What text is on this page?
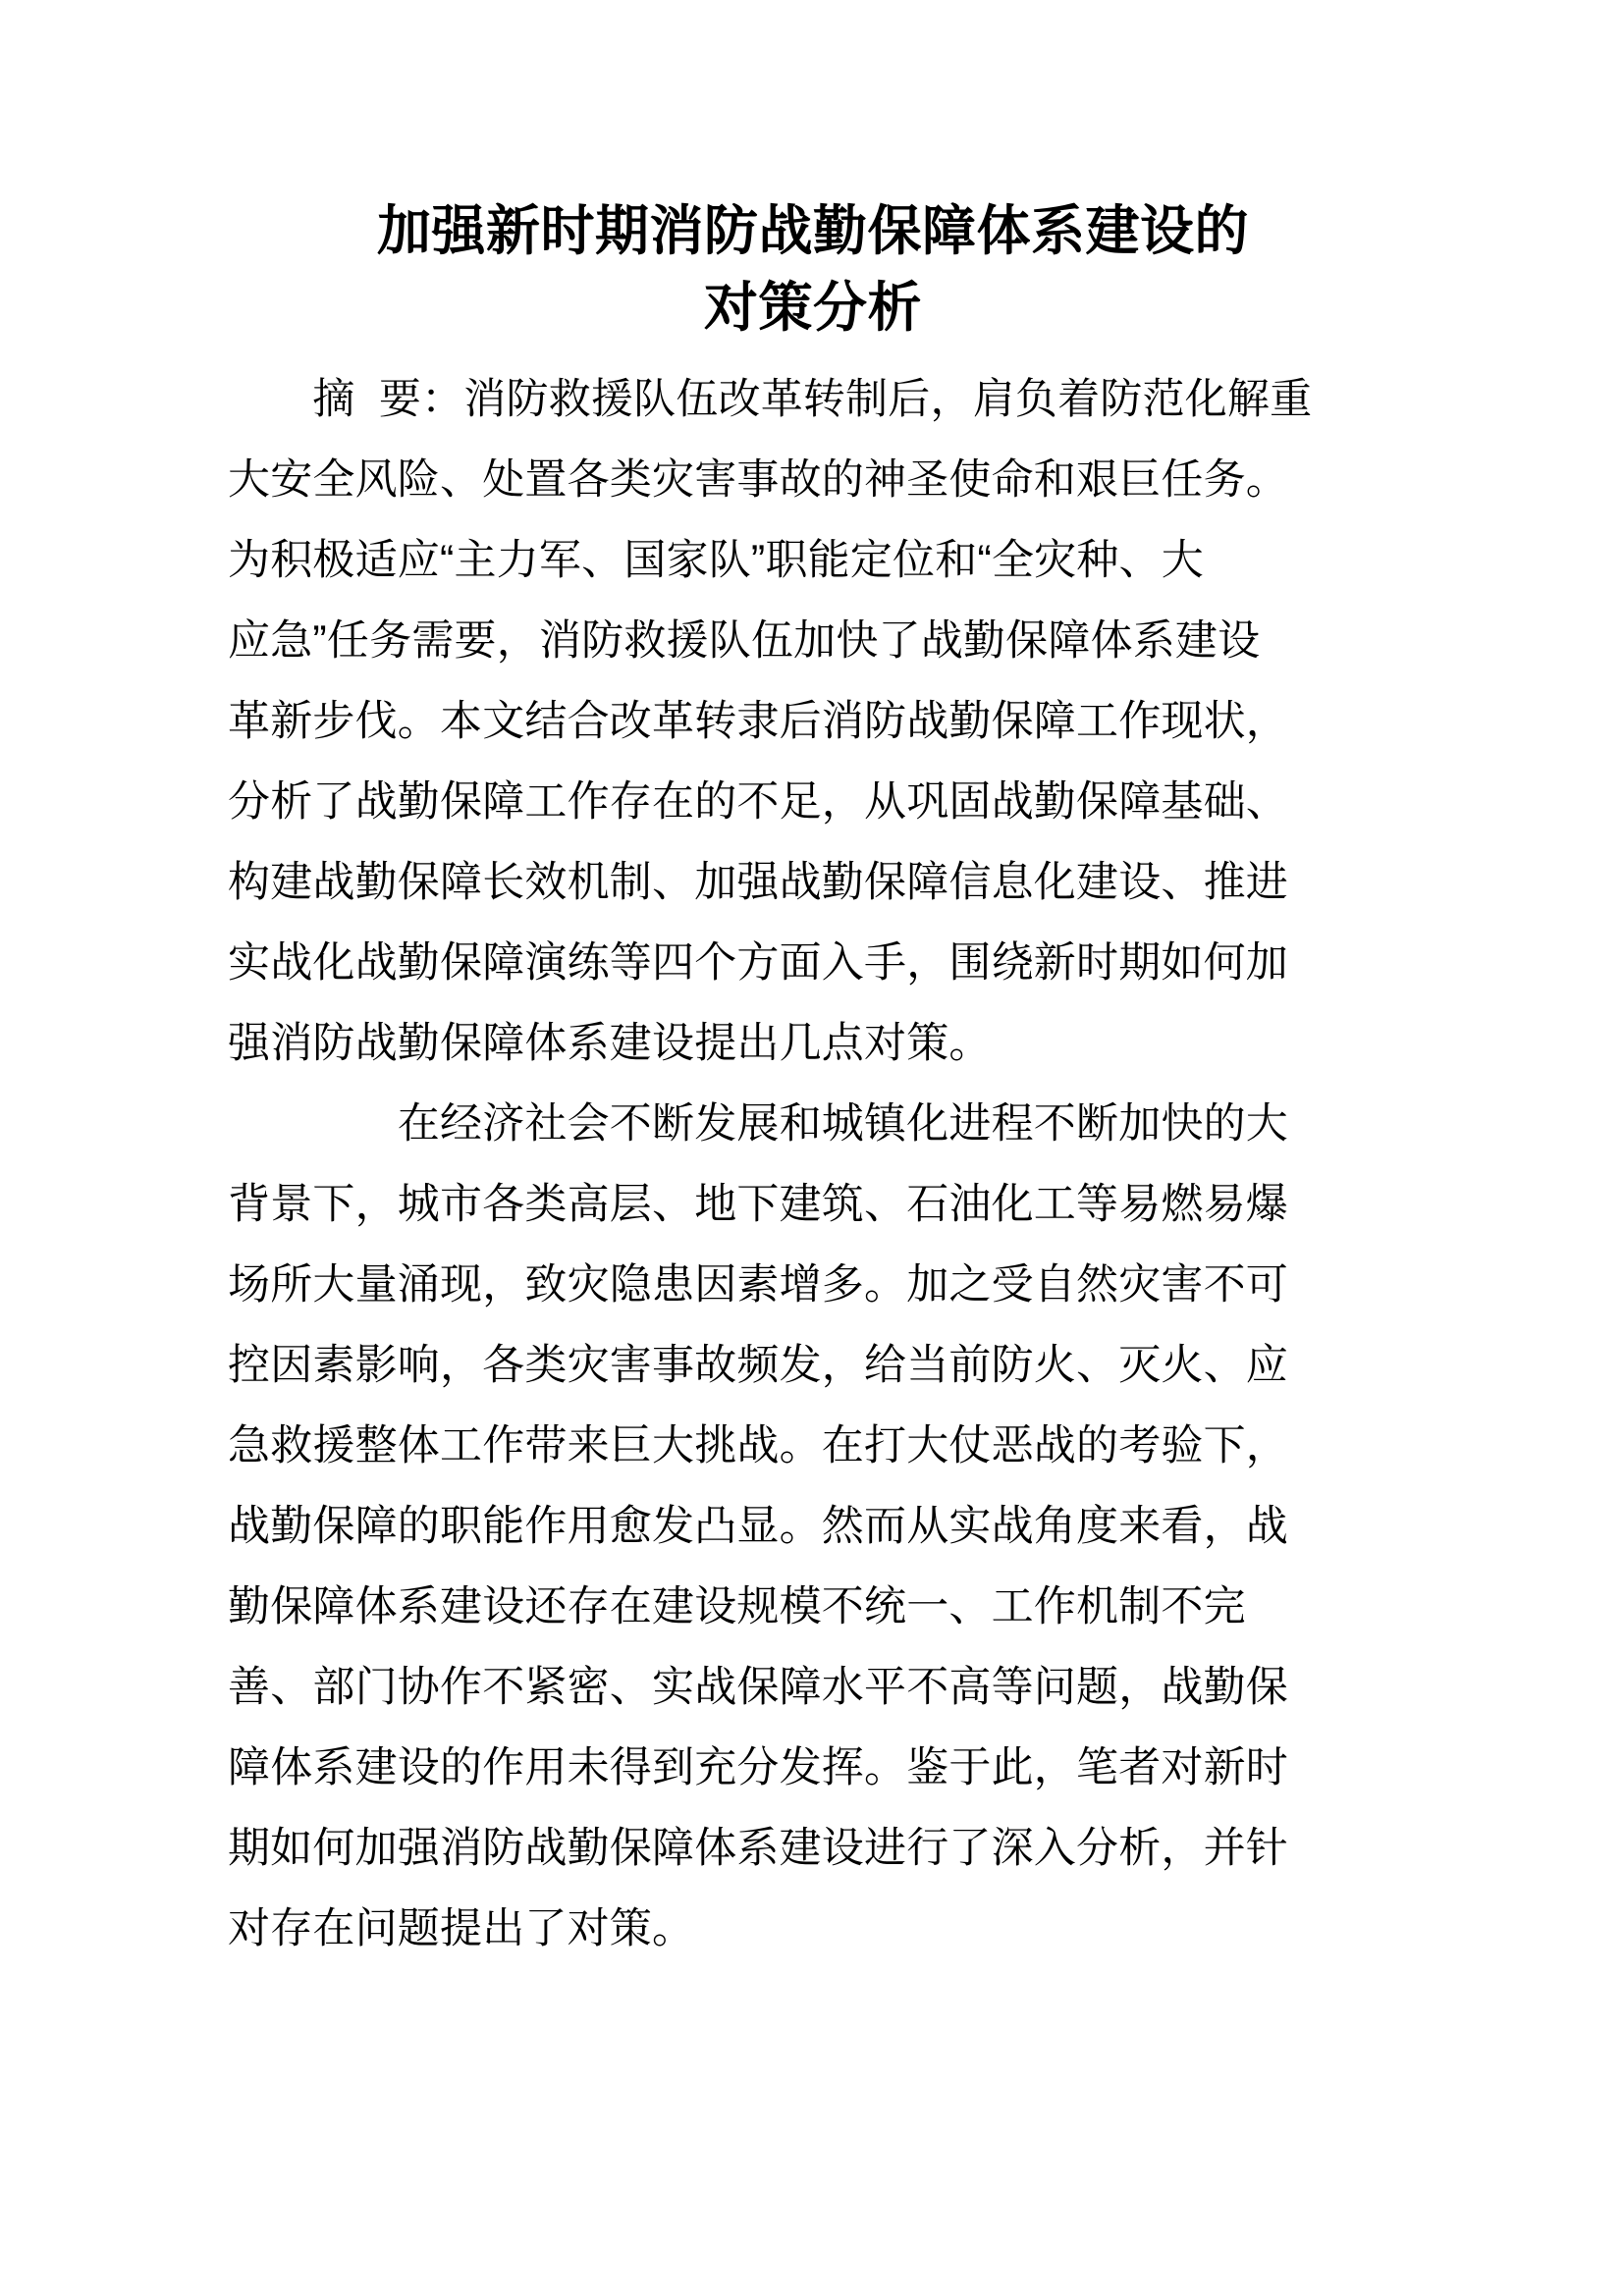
加强新时期消防战勤保障体系建设的
对策分析

　　摘  要：消防救援队伍改革转制后，肩负着防范化解重
大安全风险、处置各类灾害事故的神圣使命和艰巨任务。
为积极适应“主力军、国家队”职能定位和“全灾种、大
应急”任务需要，消防救援队伍加快了战勤保障体系建设
革新步伐。本文结合改革转隶后消防战勤保障工作现状，
分析了战勤保障工作存在的不足，从巩固战勤保障基础、
构建战勤保障长效机制、加强战勤保障信息化建设、推进
实战化战勤保障演练等四个方面入手，围绕新时期如何加
强消防战勤保障体系建设提出几点对策。

　　　　在经济社会不断发展和城镇化进程不断加快的大
背景下，城市各类高层、地下建筑、石油化工等易燃易爆
场所大量涌现，致灾隐患因素增多。加之受自然灾害不可
控因素影响，各类灾害事故频发，给当前防火、灭火、应
急救援整体工作带来巨大挑战。在打大仗恶战的考验下，
战勤保障的职能作用愈发凸显。然而从实战角度来看，战
勤保障体系建设还存在建设规模不统一、工作机制不完
善、部门协作不紧密、实战保障水平不高等问题，战勤保
障体系建设的作用未得到充分发挥。鉴于此，笔者对新时
期如何加强消防战勤保障体系建设进行了深入分析，并针
对存在问题提出了对策。
